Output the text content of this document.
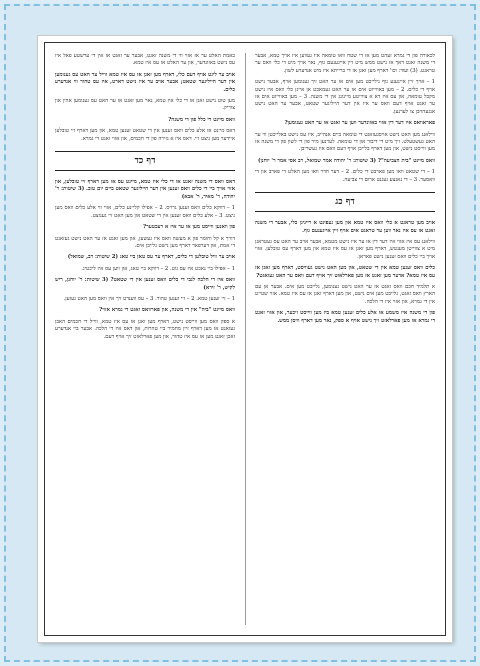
לכאורה פון די גמרא זעהט מען אז די שטח וואו טומאה איז געווען איז אויך טמא, אבער די משנה זאגט דאך אז נישט ממש מיט זיין אייגענעם גוף, נאר אויך מיט די כלי וואס ער טראגט. (3) ועוד: וכו' דארף מען זאגן אז די ברייתא איז מיט אנדערע לשון.

1 – אויך זיין אייגענע גוף גילייכט מען אים אז ער האט זיך גענומען אויף, אבער נישט אויף די כלים. 2 – מען באווייזט אים אז ער האט געמאכט אן אייגן כלי וואס איז נישט מקבל טומאה, און עס איז דא א צווייטע מיינונג אין די משנה. 3 – מען באווייזט אים אז ער זאגט אויף דעם וואס ער איז אין דער הייליגער שטאט, אבער ער האט נישט אנגעהויבן צו לערנען.

פאראוואס איז דער דין אזוי באזונדער ווען ער זאגט אז ער האט גענומען?

ווילאנג מען האט נישט אויסגעזאגט די טומאה ביים אנהייב, איז עס נישט באלייכטן ווי ער האט געשטעלט. זיך מיט די דיבור און די טומאה. לערנען מיר פון די לשון פון די משנה אז מען ווייסט נישט, און מען דארף בלייבן אויף דעם וואס איז געשריבן.

וואס מיינט "בית הצביעה"? (3 שיטות: ר' יהודה אמר שמואל, רב אסי אמר ר' יוחנן)

1 – די שטאט וואו מען פארבט די כלים. 2 – דער חדר וואו מען האלט די פארב און די וואסער. 3 – די גאנצע געגנט ארום די צביעה.

דף כג

אויב מען טראגט א כלי וואס איז טמא און מען געפינט א רייניגן כלי, אבער די משנה זאגט אז עס איז נאר ווען ער טראגט אים אויף זיין אייגענעם גוף.

ווילאנג עס איז אזוי איז דער דין אז ער איז נישט מטמא, אבער אויב ער האט עס געטראגן מיט א צווייטן מענטש, דארף מען זאגן אז עס איז טמא און מען דארף עס טובלען. אזוי אויך ביי כלים וואס זענען נישט פאראן.

כלים וואס זענען טמא אין די שטאט, און מען האט נישט געוויסט, דארף מען זאגן אז עס איז טמא? אדער מען זאגט אז מען פארלאזט זיך אויף דעם וואס ער האט געזאגט?

א תלמיד חכם וואס זאגט אז ער האט נישט גענומען, גלייבט מען אים. אבער אן עם הארץ וואס זאגט, גלייבט מען אים נישט, און מען דארף זאגן אז עס איז טמא. אזוי שטייט אין די גמרא, און אזוי איז די הלכה.

פון די משנה איז משמע אז אלע כלים זענען טמא ביז מען ווייסט זיכער, און אזוי זאגט די גמרא אז מען פארלאזט זיך נישט אויף א ספק, נאר מען דארף וויסן ממש.

באמת האלט ער אז אזוי ווי די משנה זאגט, אבער ער זאגט אז אין די ערשטע פאל איז עס נישט באזונדער, און ער האלט אז עס איז טמא.

אויב ער ליגט אויף דעם כלי, דארף מען זאגן אז עס איז טמא ווייל ער האט עס גענומען אין דער הייליגער שטאט; אבער אויב ער איז נישט דארט, איז עס טהור ווי אנדערע כלים.

מען טוט נישט זאגן אז די כלי איז טמא, נאר מען זאגט אז ער האט עס גענומען אהין און צוריק.

וואס מיינט די כלל פון די משנה?

דאס מיינט אז אלע כלים וואס זענען אין די שטאט זענען טמא, און מען דארף זיי טובלען איידער מען ניצט זיי. דאס איז א גזירה פון די חכמים, און אזוי זאגט די גמרא.

דף כד

דאס וואס די משנה זאגט אז די כלי איז טמא, מיינט עס אז מען דארף זיי טובלען, און אזוי אויך ביי די כלים וואס זענען אין דער הייליגער שטאט ביים יום טוב. (3 שיטות: ר' יהודה, ר' מאיר, ר' אבא)

1 – דווקא כלים וואס זענען גרויס. 2 – אפילו קליינע כלים, אזוי ווי אלע כלים וואס מען ניצט. 3 – אלע כלים וואס זענען אין די שטאט און מען האט זיי גענוצט.

פון וואנען ווייסט מען אז ער איז א רעכטער?

דורך א קל וחומר פון א מעשה וואס איז געשען, און מען זאגט אז ער האט נישט געזאגט די אמת, און דערפאר דארף מען נישט גלייבן אים.

אויב ער וויל טובלען די כלים, דארף ער עס טאן ביי טאג (2 שיטות: רב, שמואל)

1 – אפילו ביי נאכט איז עס גוט. 2 – דווקא ביי טאג, און ווען עס איז ליכטיג.

וואס איז די הלכה לגבי די כלים וואס זענען אין די שטאט? (3 שיטות: ר' יוחנן, ריש לקיש, ר' זירא)

1 – זיי זענען טמא. 2 – זיי זענען טהור. 3 – עס ווענדט זיך אין וואס מען האט געזען.

וואס מיינט "ביה" אין די משנה, און פארוואס זאגט די גמרא אזוי?

א ספק וואס מען ווייסט נישט, דארף מען זאגן אז עס איז טמא, ווייל די חכמים האבן געזאגט אז מען דארף זיין מחמיר ביי טהרות, און דאס איז די הלכה. אבער ביי אנדערע זאכן זאגט מען אז עס איז טהור, און מען פארלאזט זיך אויף דעם.
